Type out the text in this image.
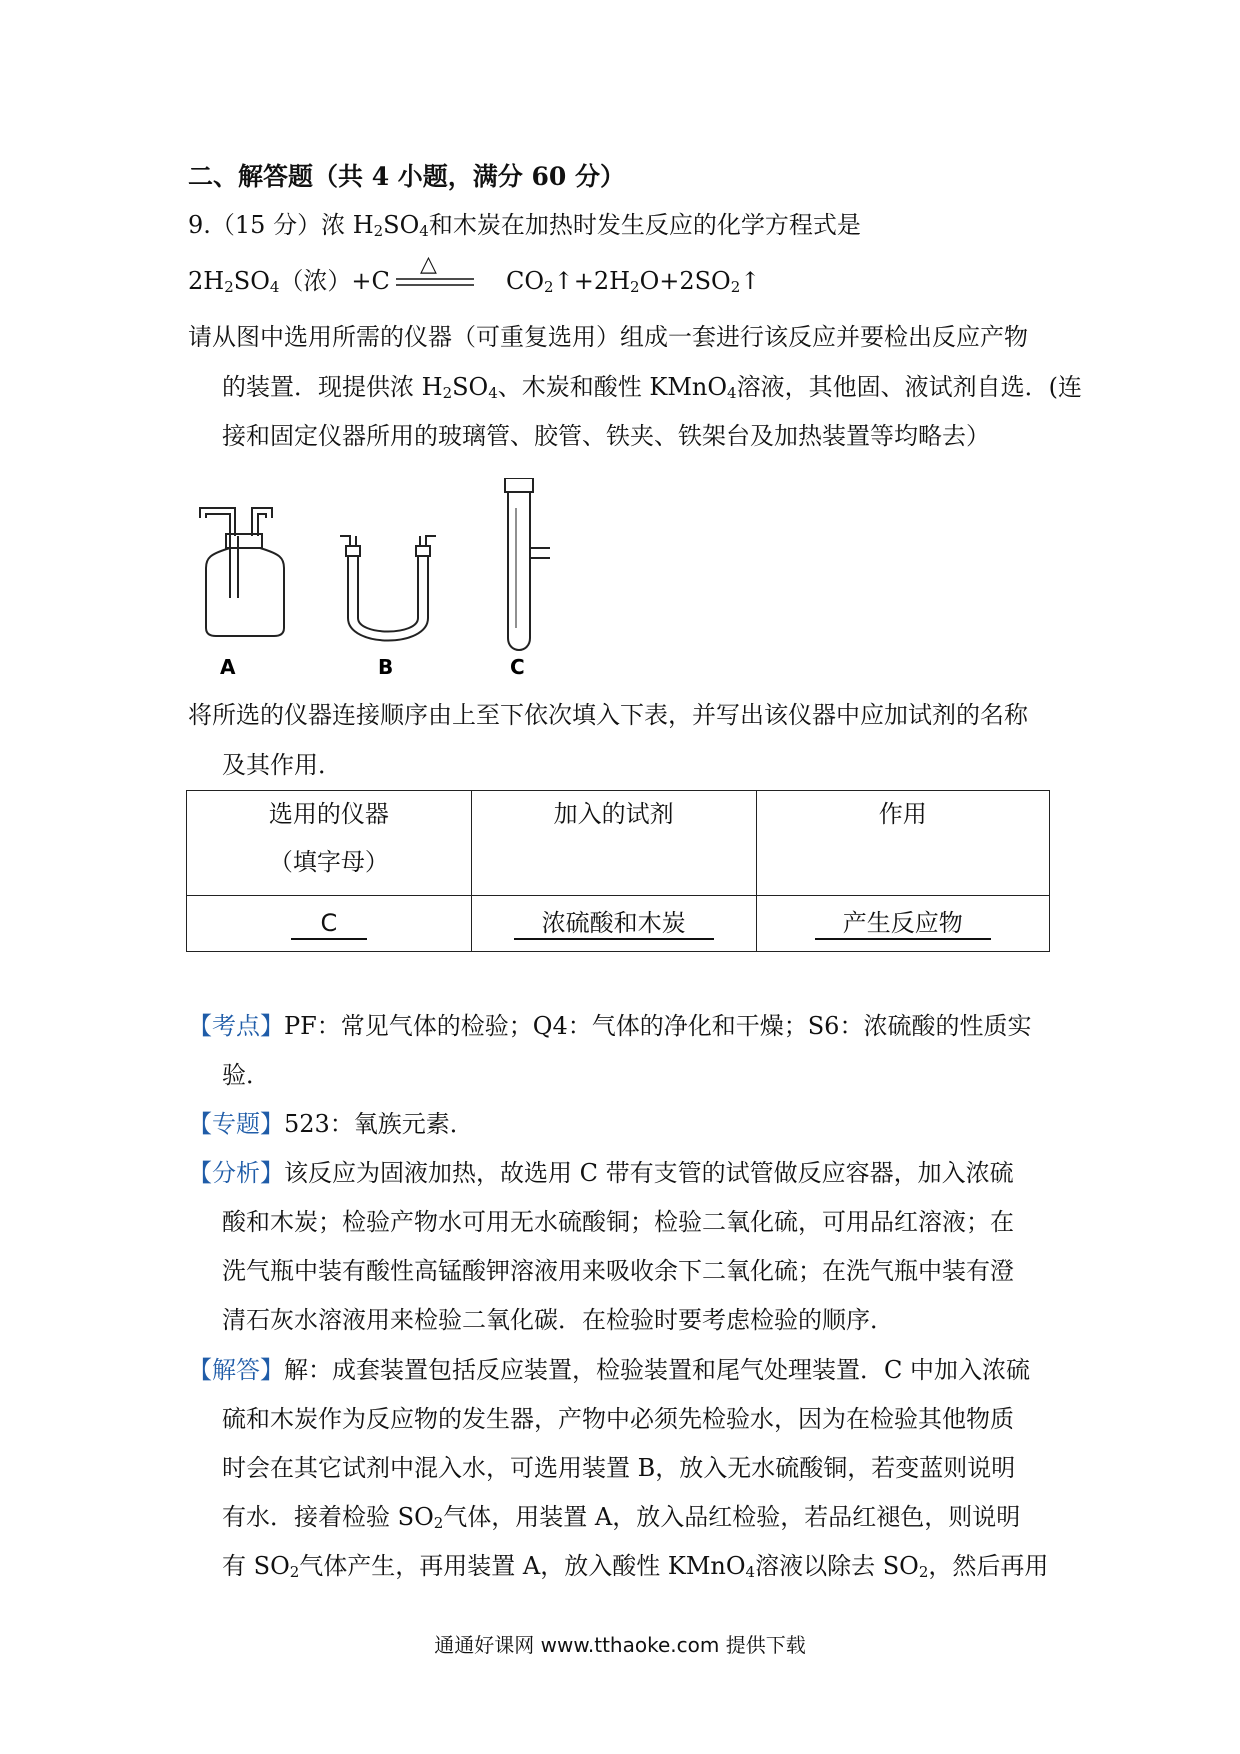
二、解答题（共 4 小题，满分 60 分）
9.（15 分）浓 $H_2SO_4$和木炭在加热时发生反应的化学方程式是
$2H_2SO_4$（浓）+C
△
$CO_2↑+2H_2O+2SO_2↑$
请从图中选用所需的仪器（可重复选用）组成一套进行该反应并要检出反应产物
的装置．现提供浓 $H_2SO_4$、木炭和酸性 KMnO$_4$溶液，其他固、液试剂自选．(连
接和固定仪器所用的玻璃管、胶管、铁夹、铁架台及加热装置等均略去）
A	B	C
将所选的仪器连接顺序由上至下依次填入下表，并写出该仪器中应加试剂的名称
及其作用．
选用的仪器
（填字母）	加入的试剂	作用
C	浓硫酸和木炭	产生反应物
【考点】PF：常见气体的检验；Q4：气体的净化和干燥；S6：浓硫酸的性质实
验．
【专题】523：氧族元素．
【分析】该反应为固液加热，故选用 C 带有支管的试管做反应容器，加入浓硫
酸和木炭；检验产物水可用无水硫酸铜；检验二氧化硫，可用品红溶液；在
洗气瓶中装有酸性高锰酸钾溶液用来吸收余下二氧化硫；在洗气瓶中装有澄
清石灰水溶液用来检验二氧化碳．在检验时要考虑检验的顺序．
【解答】解：成套装置包括反应装置，检验装置和尾气处理装置．C 中加入浓硫
硫和木炭作为反应物的发生器，产物中必须先检验水，因为在检验其他物质
时会在其它试剂中混入水，可选用装置 B，放入无水硫酸铜，若变蓝则说明
有水．接着检验 $SO_2$气体，用装置 A，放入品红检验，若品红褪色，则说明
有 $SO_2$气体产生，再用装置 A，放入酸性 KMnO$_4$溶液以除去 $SO_2$，然后再用
通通好课网 www.tthaoke.com 提供下载
